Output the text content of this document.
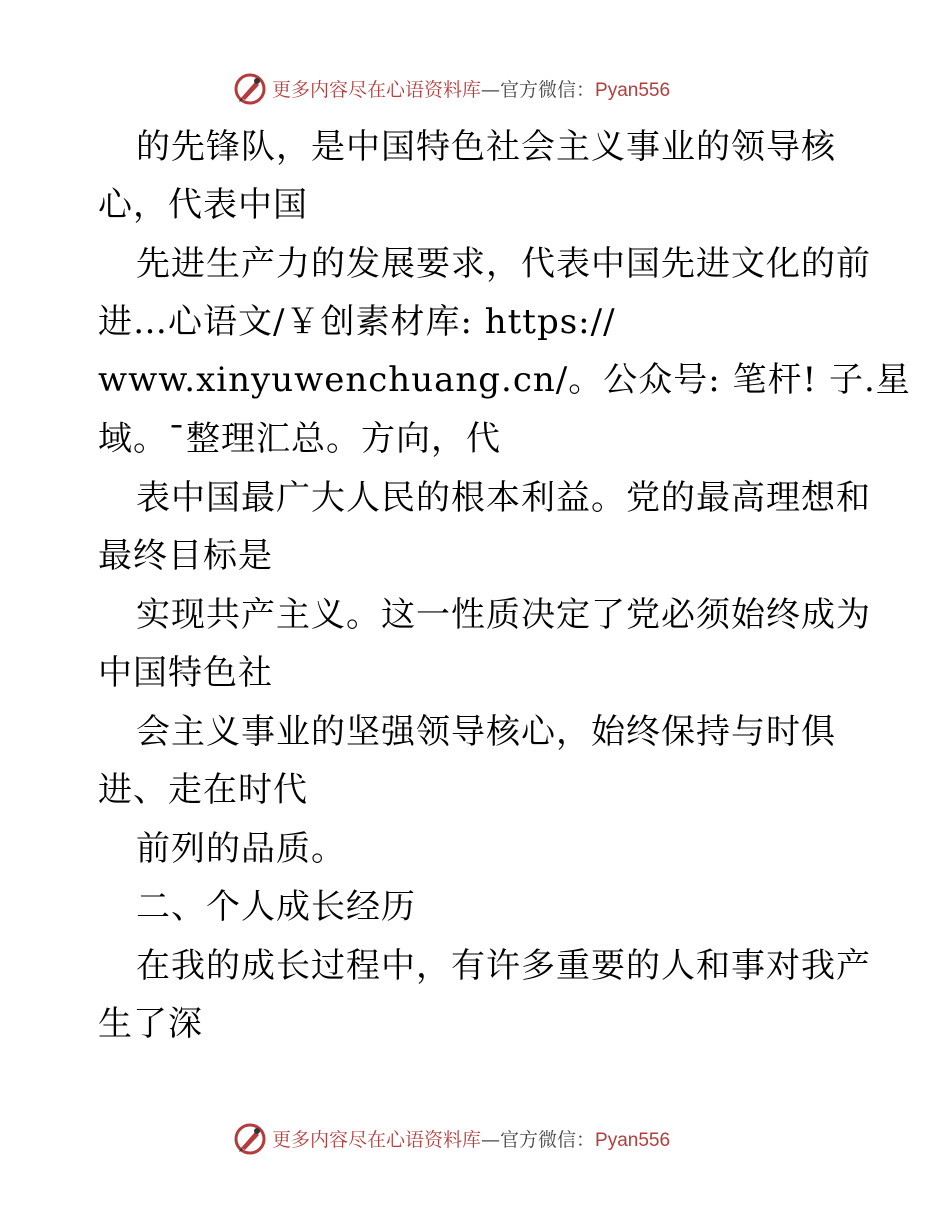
更多内容尽在心语资料库—官方微信：Pyan556
的先锋队，是中国特色社会主义事业的领导核
心，代表中国
先进生产力的发展要求，代表中国先进文化的前
进…心语文/￥创素材库: https://
www.xinyuwenchuang.cn/。公众号: 笔杆! 子.星
域。¯整理汇总。方向，代
表中国最广大人民的根本利益。党的最高理想和
最终目标是
实现共产主义。这一性质决定了党必须始终成为
中国特色社
会主义事业的坚强领导核心，始终保持与时俱
进、走在时代
前列的品质。
二、个人成长经历
在我的成长过程中，有许多重要的人和事对我产
生了深
更多内容尽在心语资料库—官方微信：Pyan556
